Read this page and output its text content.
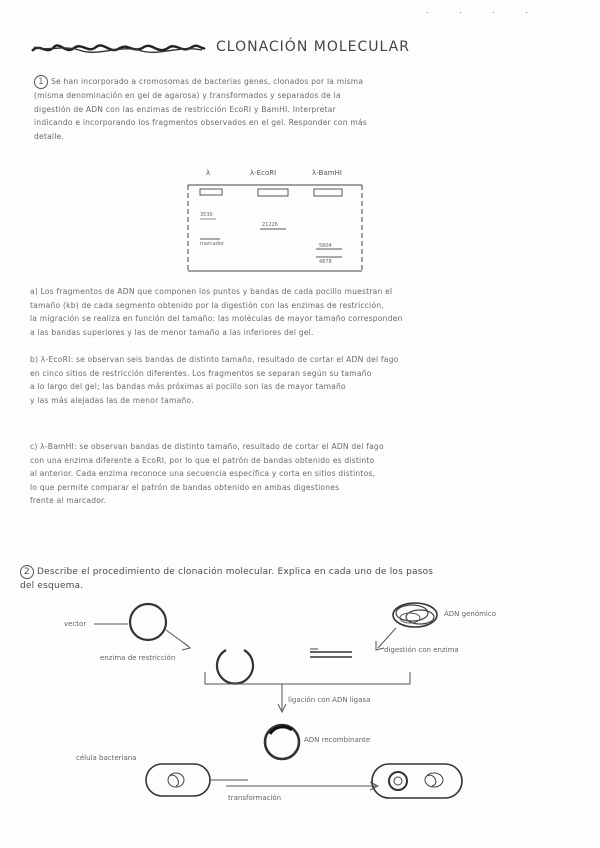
. . . .
CLONACIÓN MOLECULAR
1 Se han incorporado a cromosomas de bacterias genes, clonados por la misma
(misma denominación en gel de agarosa) y transformados y separados de la
digestión de ADN con las enzimas de restricción EcoRI y BamHI. Interpretar
indicando e incorporando los fragmentos observados en el gel. Responder con más
detalle.
λ	λ-EcoRI	λ-BamHI
marcador
21226
3530
5804
4878
a) Los fragmentos de ADN que componen los puntos y bandas de cada pocillo muestran el
tamaño (kb) de cada segmento obtenido por la digestión con las enzimas de restricción,
la migración se realiza en función del tamaño: las moléculas de mayor tamaño corresponden
a las bandas superiores y las de menor tamaño a las inferiores del gel.
b) λ-EcoRI: se observan seis bandas de distinto tamaño, resultado de cortar el ADN del fago
en cinco sitios de restricción diferentes. Los fragmentos se separan según su tamaño
a lo largo del gel; las bandas más próximas al pocillo son las de mayor tamaño
y las más alejadas las de menor tamaño.
c) λ-BamHI: se observan bandas de distinto tamaño, resultado de cortar el ADN del fago
con una enzima diferente a EcoRI, por lo que el patrón de bandas obtenido es distinto
al anterior. Cada enzima reconoce una secuencia específica y corta en sitios distintos,
lo que permite comparar el patrón de bandas obtenido en ambas digestiones
frente al marcador.
2 Describe el procedimiento de clonación molecular. Explica en cada uno de los pasos
del esquema.
vector
enzima de restricción
ADN genómico
digestión con enzima
ligación con ADN ligasa
ADN recombinante
célula bacteriana
transformación
